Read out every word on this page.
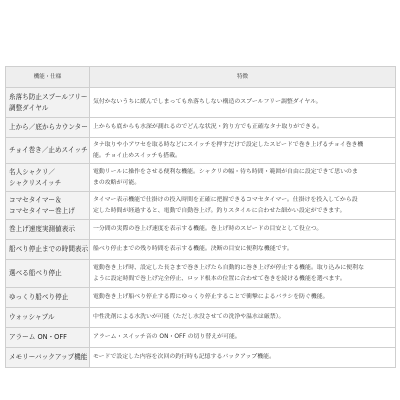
機能・仕様	特徴

糸落ち防止スプールフリー
調整ダイヤル	気付かないうちに緩んでしまっても糸落ちしない構造のスプールフリー調整ダイヤル。

上から／底からカウンター	上からも底からも水深が測れるのでどんな状況・釣り方でも正確なタナ取りができる。

チョイ巻き／止めスイッチ	タナ取りや小アワセを取る時などにスイッチを押すだけで設定したスピードで巻き上げるチョイ巻き機
能。チョイ止めスイッチも搭載。

名人シャクリ／
シャクリスイッチ	電動リールに操作をさせる便利な機能。シャクリの幅・待ち時間・範囲が自由に設定できて思いのま
まの攻略が可能。

コマセタイマー＆
コマセタイマー巻上げ	タイマー表示機能で仕掛けの投入時間を正確に把握できるコマセタイマー。仕掛けを投入してから設
定した時間が経過すると、電動で自動巻上げ。釣りスタイルに合わせた細かい設定ができます。

巻上げ速度実測値表示	一分間の実際の巻上げ速度を表示する機能。巻上げ時のスピードの目安として役立つ。

船べり停止までの時間表示	船べり停止までの残り時間を表示する機能。決断の目安に便利な機能です。

選べる船べり停止	電動巻き上げ時、設定した長さまで巻き上げたら自動的に巻き上げが停止する機能。取り込みに便利な
ように設定時間で巻上げ完全停止、ロッド根本の位置に合わせて巻きを続ける機能を選べます。

ゆっくり船べり停止	電動巻き上げ船べり停止する際にゆっくり停止することで衝撃によるバラシを防ぐ機能。

ウォッシャブル	中性洗剤による水洗いが可能（ただし水没させての洗浄や温水は厳禁）。

アラーム ON・OFF	アラーム・スイッチ音の ON・OFF の切り替えが可能。

メモリーバックアップ機能	モードで設定した内容を次回の釣行時も記憶するバックアップ機能。
